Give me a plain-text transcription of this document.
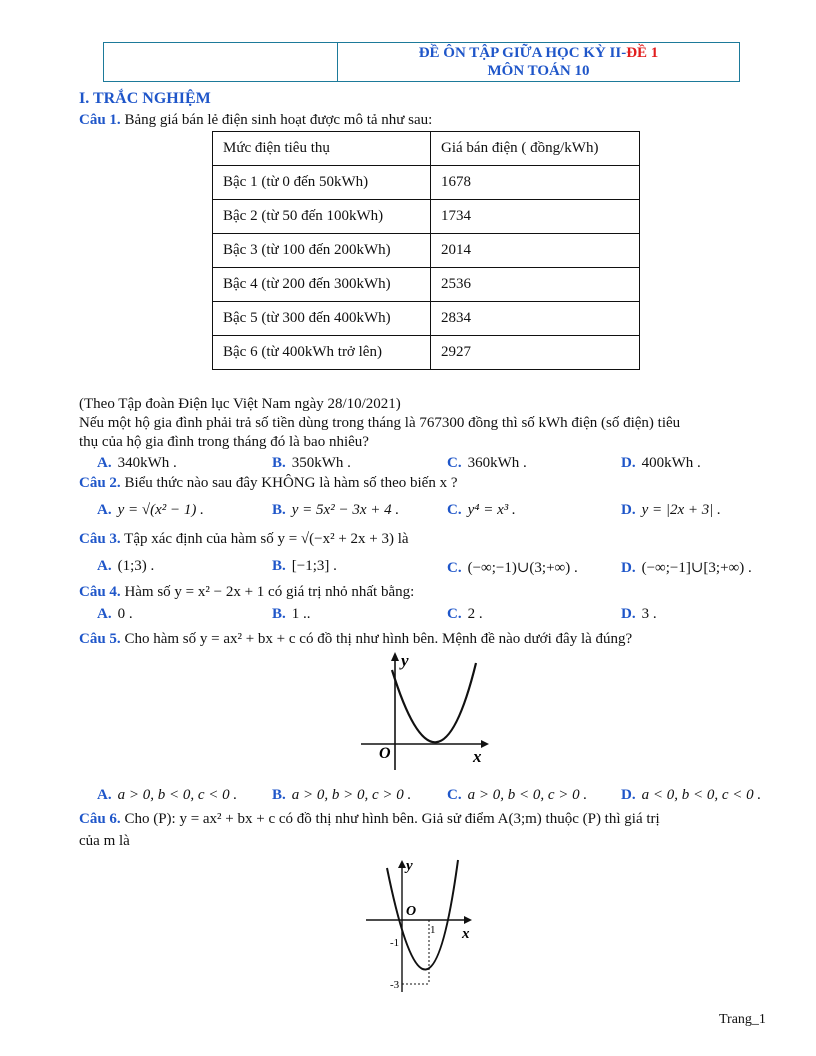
ĐỀ ÔN TẬP GIỮA HỌC KỲ II-ĐỀ 1
MÔN TOÁN 10
I. TRẮC NGHIỆM
Câu 1. Bảng giá bán lẻ điện sinh hoạt được mô tả như sau:
Mức điện tiêu thụ	Giá bán điện ( đồng/kWh)
Bậc 1 (từ 0 đến 50kWh)	1678
Bậc 2 (từ 50 đến 100kWh)	1734
Bậc 3 (từ 100 đến 200kWh)	2014
Bậc 4 (từ 200 đến 300kWh)	2536
Bậc 5 (từ 300 đến 400kWh)	2834
Bậc 6 (từ 400kWh trở lên)	2927
(Theo Tập đoàn Điện lục Việt Nam ngày 28/10/2021)
Nếu một hộ gia đình phải trả số tiền dùng trong tháng là 767300 đồng thì số kWh điện (số điện) tiêu
thụ của hộ gia đình trong tháng đó là bao nhiêu?
A. 340kWh .	B. 350kWh .	C. 360kWh .	D. 400kWh .
Câu 2. Biểu thức nào sau đây KHÔNG là hàm số theo biến x ?
A. y = √(x² − 1) .	B. y = 5x² − 3x + 4 .	C. y⁴ = x³ .	D. y = |2x + 3| .
Câu 3. Tập xác định của hàm số y = √(−x² + 2x + 3) là
A. (1;3) .	B. [−1;3] .	C. (−∞;−1)∪(3;+∞) .	D. (−∞;−1]∪[3;+∞) .
Câu 4. Hàm số y = x² − 2x + 1 có giá trị nhỏ nhất bằng:
A. 0 .	B. 1 ..	C. 2 .	D. 3 .
Câu 5. Cho hàm số y = ax² + bx + c có đồ thị như hình bên. Mệnh đề nào dưới đây là đúng?
y
x
O
A. a > 0, b < 0, c < 0 . B. a > 0, b > 0, c > 0 . C. a > 0, b < 0, c > 0 . D. a < 0, b < 0, c < 0 .
Câu 6. Cho (P): y = ax² + bx + c có đồ thị như hình bên. Giả sử điểm A(3;m) thuộc (P) thì giá trị
của m là
y
x
O
1
-1
-3
Trang_1
